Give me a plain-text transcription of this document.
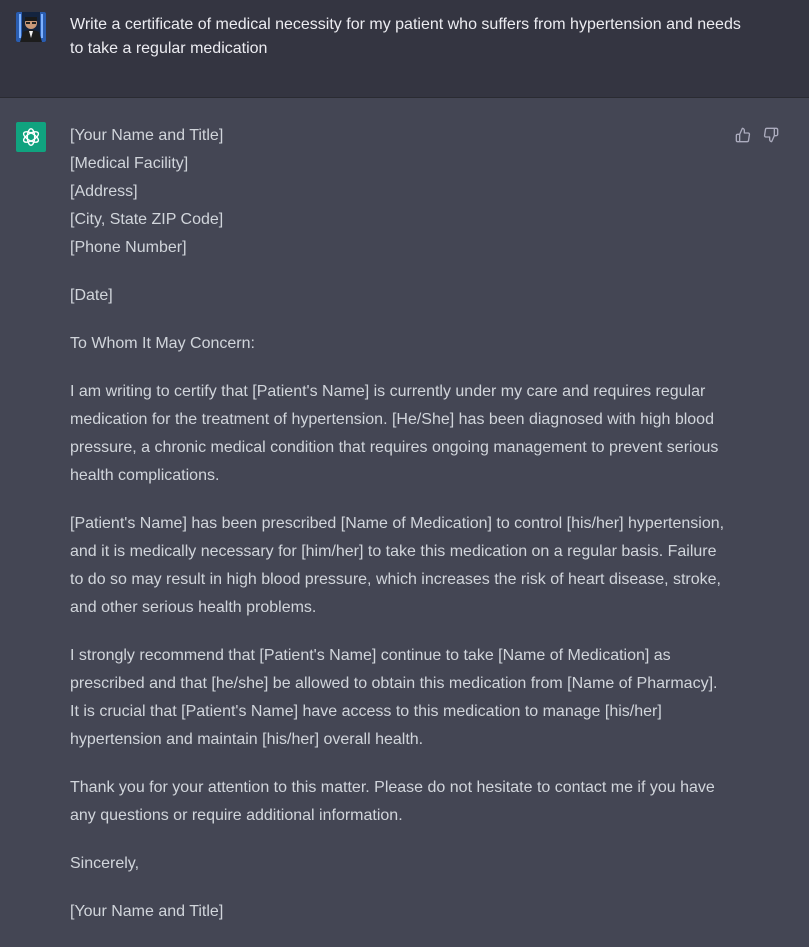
Write a certificate of medical necessity for my patient who suffers from hypertension and needs to take a regular medication

[Your Name and Title]
[Medical Facility]
[Address]
[City, State ZIP Code]
[Phone Number]

[Date]

To Whom It May Concern:

I am writing to certify that [Patient's Name] is currently under my care and requires regular medication for the treatment of hypertension. [He/She] has been diagnosed with high blood pressure, a chronic medical condition that requires ongoing management to prevent serious health complications.

[Patient's Name] has been prescribed [Name of Medication] to control [his/her] hypertension, and it is medically necessary for [him/her] to take this medication on a regular basis. Failure to do so may result in high blood pressure, which increases the risk of heart disease, stroke, and other serious health problems.

I strongly recommend that [Patient's Name] continue to take [Name of Medication] as prescribed and that [he/she] be allowed to obtain this medication from [Name of Pharmacy]. It is crucial that [Patient's Name] have access to this medication to manage [his/her] hypertension and maintain [his/her] overall health.

Thank you for your attention to this matter. Please do not hesitate to contact me if you have any questions or require additional information.

Sincerely,

[Your Name and Title]
